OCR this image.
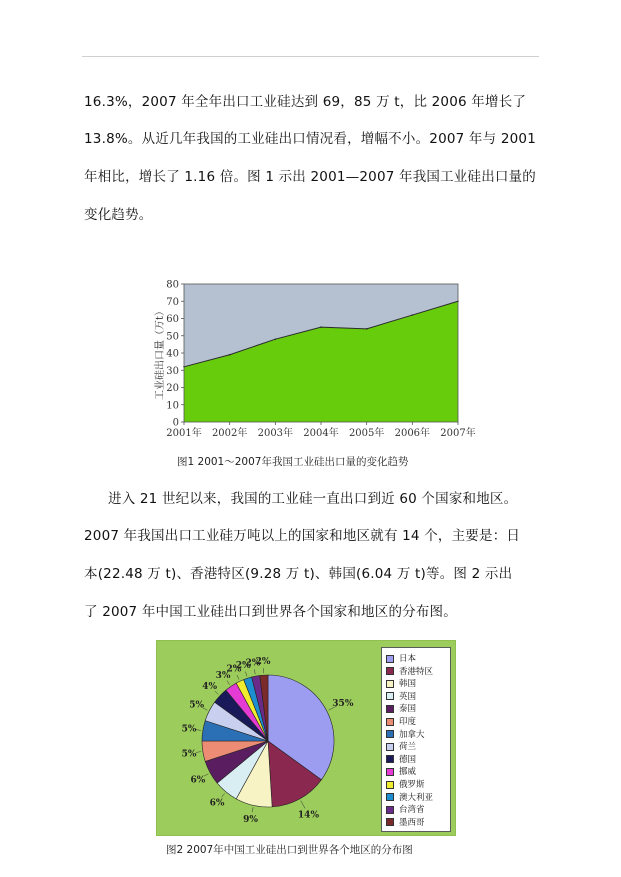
16.3%，2007 年全年出口工业硅达到 69，85 万 t，比 2006 年增长了
13.8%。从近几年我国的工业硅出口情况看，增幅不小。2007 年与 2001
年相比，增长了 1.16 倍。图 1 示出 2001—2007 年我国工业硅出口量的
变化趋势。
0
10
20
30
40
50
60
70
80
2001年 2002年 2003年 2004年 2005年 2006年 2007年
工业硅出口量（万t）
图1 2001～2007年我国工业硅出口量的变化趋势
进入 21 世纪以来，我国的工业硅一直出口到近 60 个国家和地区。
2007 年我国出口工业硅万吨以上的国家和地区就有 14 个，主要是：日
本(22.48 万 t)、香港特区(9.28 万 t)、韩国(6.04 万 t)等。图 2 示出
了 2007 年中国工业硅出口到世界各个国家和地区的分布图。
35%
14%
9%
6%
6%
5%
5%
5%
4%
3%
2%
2%
2%
2%	日本
香港特区
韩国
英国
泰国
印度
加拿大
荷兰
德国
挪威
俄罗斯
澳大利亚
台湾省
墨西哥
图2 2007年中国工业硅出口到世界各个地区的分布图
